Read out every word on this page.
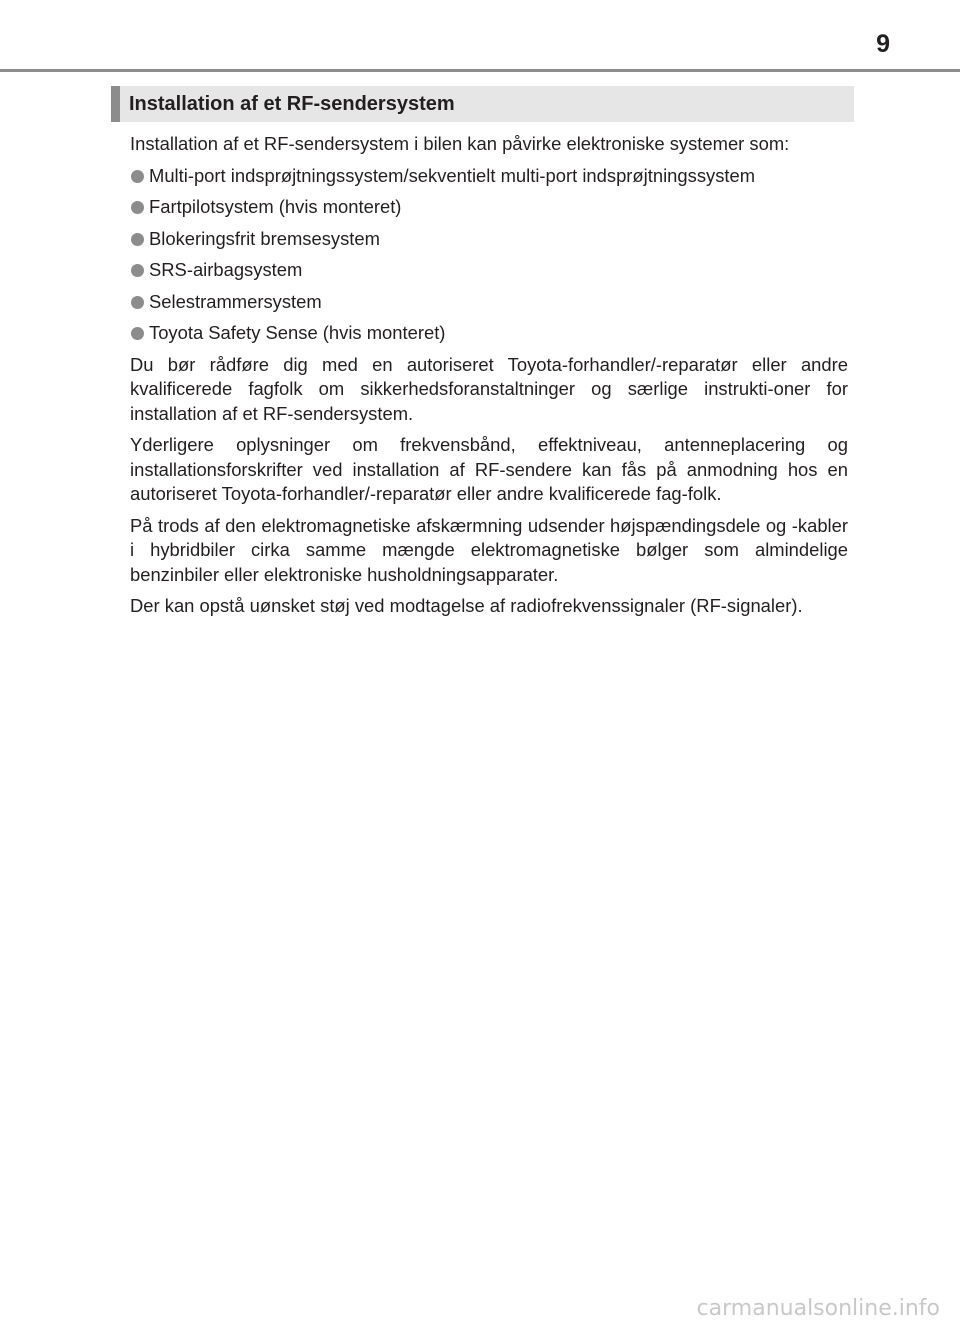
9
Installation af et RF-sendersystem

Installation af et RF-sendersystem i bilen kan påvirke elektroniske systemer som:

Multi-port indsprøjtningssystem/sekventielt multi-port indsprøjtningssystem
Fartpilotsystem (hvis monteret)
Blokeringsfrit bremsesystem
SRS-airbagsystem
Selestrammersystem
Toyota Safety Sense (hvis monteret)

Du bør rådføre dig med en autoriseret Toyota-forhandler/-reparatør eller andre kvalificerede fagfolk om sikkerhedsforanstaltninger og særlige instrukti-oner for installation af et RF-sendersystem.

Yderligere oplysninger om frekvensbånd, effektniveau, antenneplacering og installationsforskrifter ved installation af RF-sendere kan fås på anmodning hos en autoriseret Toyota-forhandler/-reparatør eller andre kvalificerede fag-folk.

På trods af den elektromagnetiske afskærmning udsender højspændingsdele og -kabler i hybridbiler cirka samme mængde elektromagnetiske bølger som almindelige benzinbiler eller elektroniske husholdningsapparater.

Der kan opstå uønsket støj ved modtagelse af radiofrekvenssignaler (RF-signaler).

carmanualsonline.info
